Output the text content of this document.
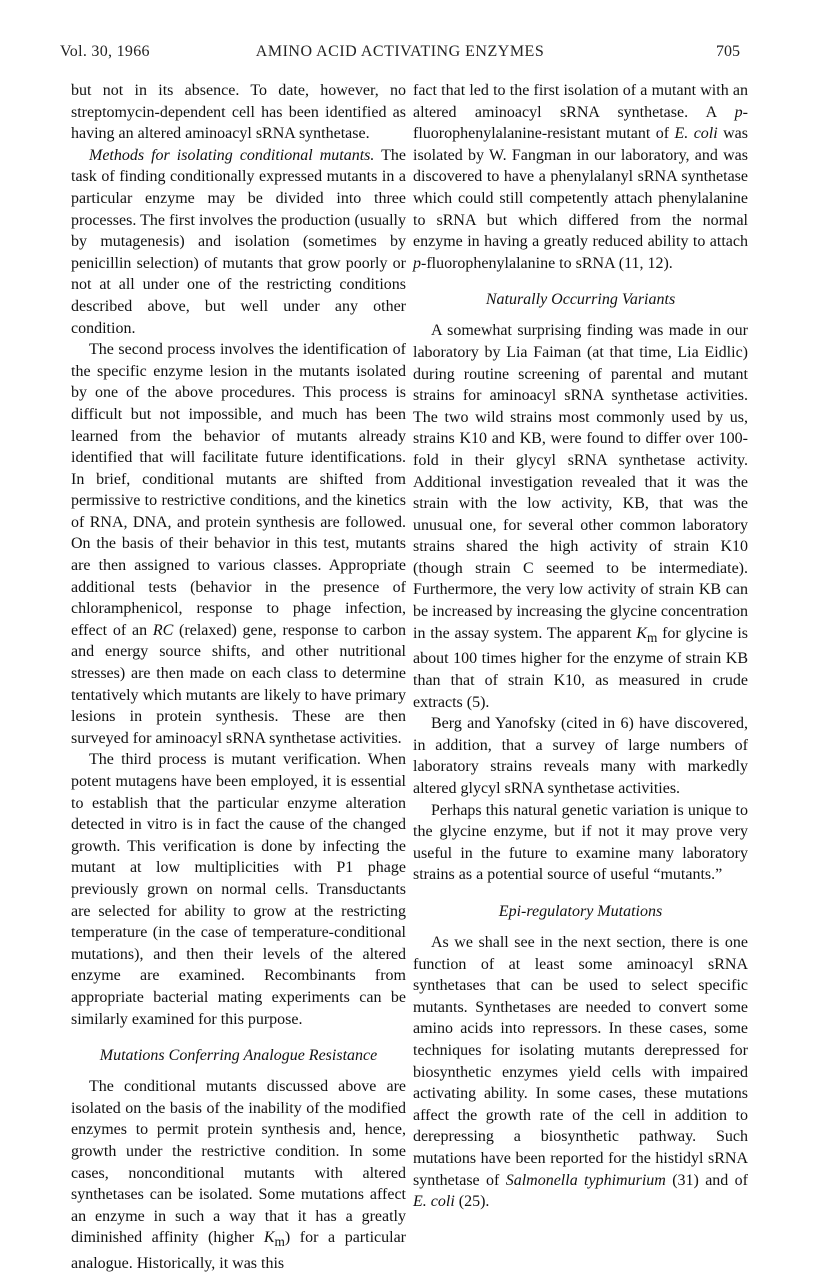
Vol. 30, 1966	AMINO ACID ACTIVATING ENZYMES	705

but not in its absence. To date, however, no streptomycin-dependent cell has been identified as having an altered aminoacyl sRNA synthetase.

Methods for isolating conditional mutants. The task of finding conditionally expressed mutants in a particular enzyme may be divided into three processes. The first involves the production (usually by mutagenesis) and isolation (sometimes by penicillin selection) of mutants that grow poorly or not at all under one of the restricting conditions described above, but well under any other condition.

The second process involves the identification of the specific enzyme lesion in the mutants isolated by one of the above procedures. This process is difficult but not impossible, and much has been learned from the behavior of mutants already identified that will facilitate future identifications. In brief, conditional mutants are shifted from permissive to restrictive conditions, and the kinetics of RNA, DNA, and protein synthesis are followed. On the basis of their behavior in this test, mutants are then assigned to various classes. Appropriate additional tests (behavior in the presence of chloramphenicol, response to phage infection, effect of an RC (relaxed) gene, response to carbon and energy source shifts, and other nutritional stresses) are then made on each class to determine tentatively which mutants are likely to have primary lesions in protein synthesis. These are then surveyed for aminoacyl sRNA synthetase activities.

The third process is mutant verification. When potent mutagens have been employed, it is essential to establish that the particular enzyme alteration detected in vitro is in fact the cause of the changed growth. This verification is done by infecting the mutant at low multiplicities with P1 phage previously grown on normal cells. Transductants are selected for ability to grow at the restricting temperature (in the case of temperature-conditional mutations), and then their levels of the altered enzyme are examined. Recombinants from appropriate bacterial mating experiments can be similarly examined for this purpose.

Mutations Conferring Analogue Resistance

The conditional mutants discussed above are isolated on the basis of the inability of the modified enzymes to permit protein synthesis and, hence, growth under the restrictive condition. In some cases, nonconditional mutants with altered synthetases can be isolated. Some mutations affect an enzyme in such a way that it has a greatly diminished affinity (higher $K_m$) for a particular analogue. Historically, it was this

fact that led to the first isolation of a mutant with an altered aminoacyl sRNA synthetase. A p-fluorophenylalanine-resistant mutant of E. coli was isolated by W. Fangman in our laboratory, and was discovered to have a phenylalanyl sRNA synthetase which could still competently attach phenylalanine to sRNA but which differed from the normal enzyme in having a greatly reduced ability to attach p-fluorophenylalanine to sRNA (11, 12).

Naturally Occurring Variants

A somewhat surprising finding was made in our laboratory by Lia Faiman (at that time, Lia Eidlic) during routine screening of parental and mutant strains for aminoacyl sRNA synthetase activities. The two wild strains most commonly used by us, strains K10 and KB, were found to differ over 100-fold in their glycyl sRNA synthetase activity. Additional investigation revealed that it was the strain with the low activity, KB, that was the unusual one, for several other common laboratory strains shared the high activity of strain K10 (though strain C seemed to be intermediate). Furthermore, the very low activity of strain KB can be increased by increasing the glycine concentration in the assay system. The apparent $K_m$ for glycine is about 100 times higher for the enzyme of strain KB than that of strain K10, as measured in crude extracts (5).

Berg and Yanofsky (cited in 6) have discovered, in addition, that a survey of large numbers of laboratory strains reveals many with markedly altered glycyl sRNA synthetase activities.

Perhaps this natural genetic variation is unique to the glycine enzyme, but if not it may prove very useful in the future to examine many laboratory strains as a potential source of useful “mutants.”

Epi-regulatory Mutations

As we shall see in the next section, there is one function of at least some aminoacyl sRNA synthetases that can be used to select specific mutants. Synthetases are needed to convert some amino acids into repressors. In these cases, some techniques for isolating mutants derepressed for biosynthetic enzymes yield cells with impaired activating ability. In some cases, these mutations affect the growth rate of the cell in addition to derepressing a biosynthetic pathway. Such mutations have been reported for the histidyl sRNA synthetase of Salmonella typhimurium (31) and of E. coli (25).
